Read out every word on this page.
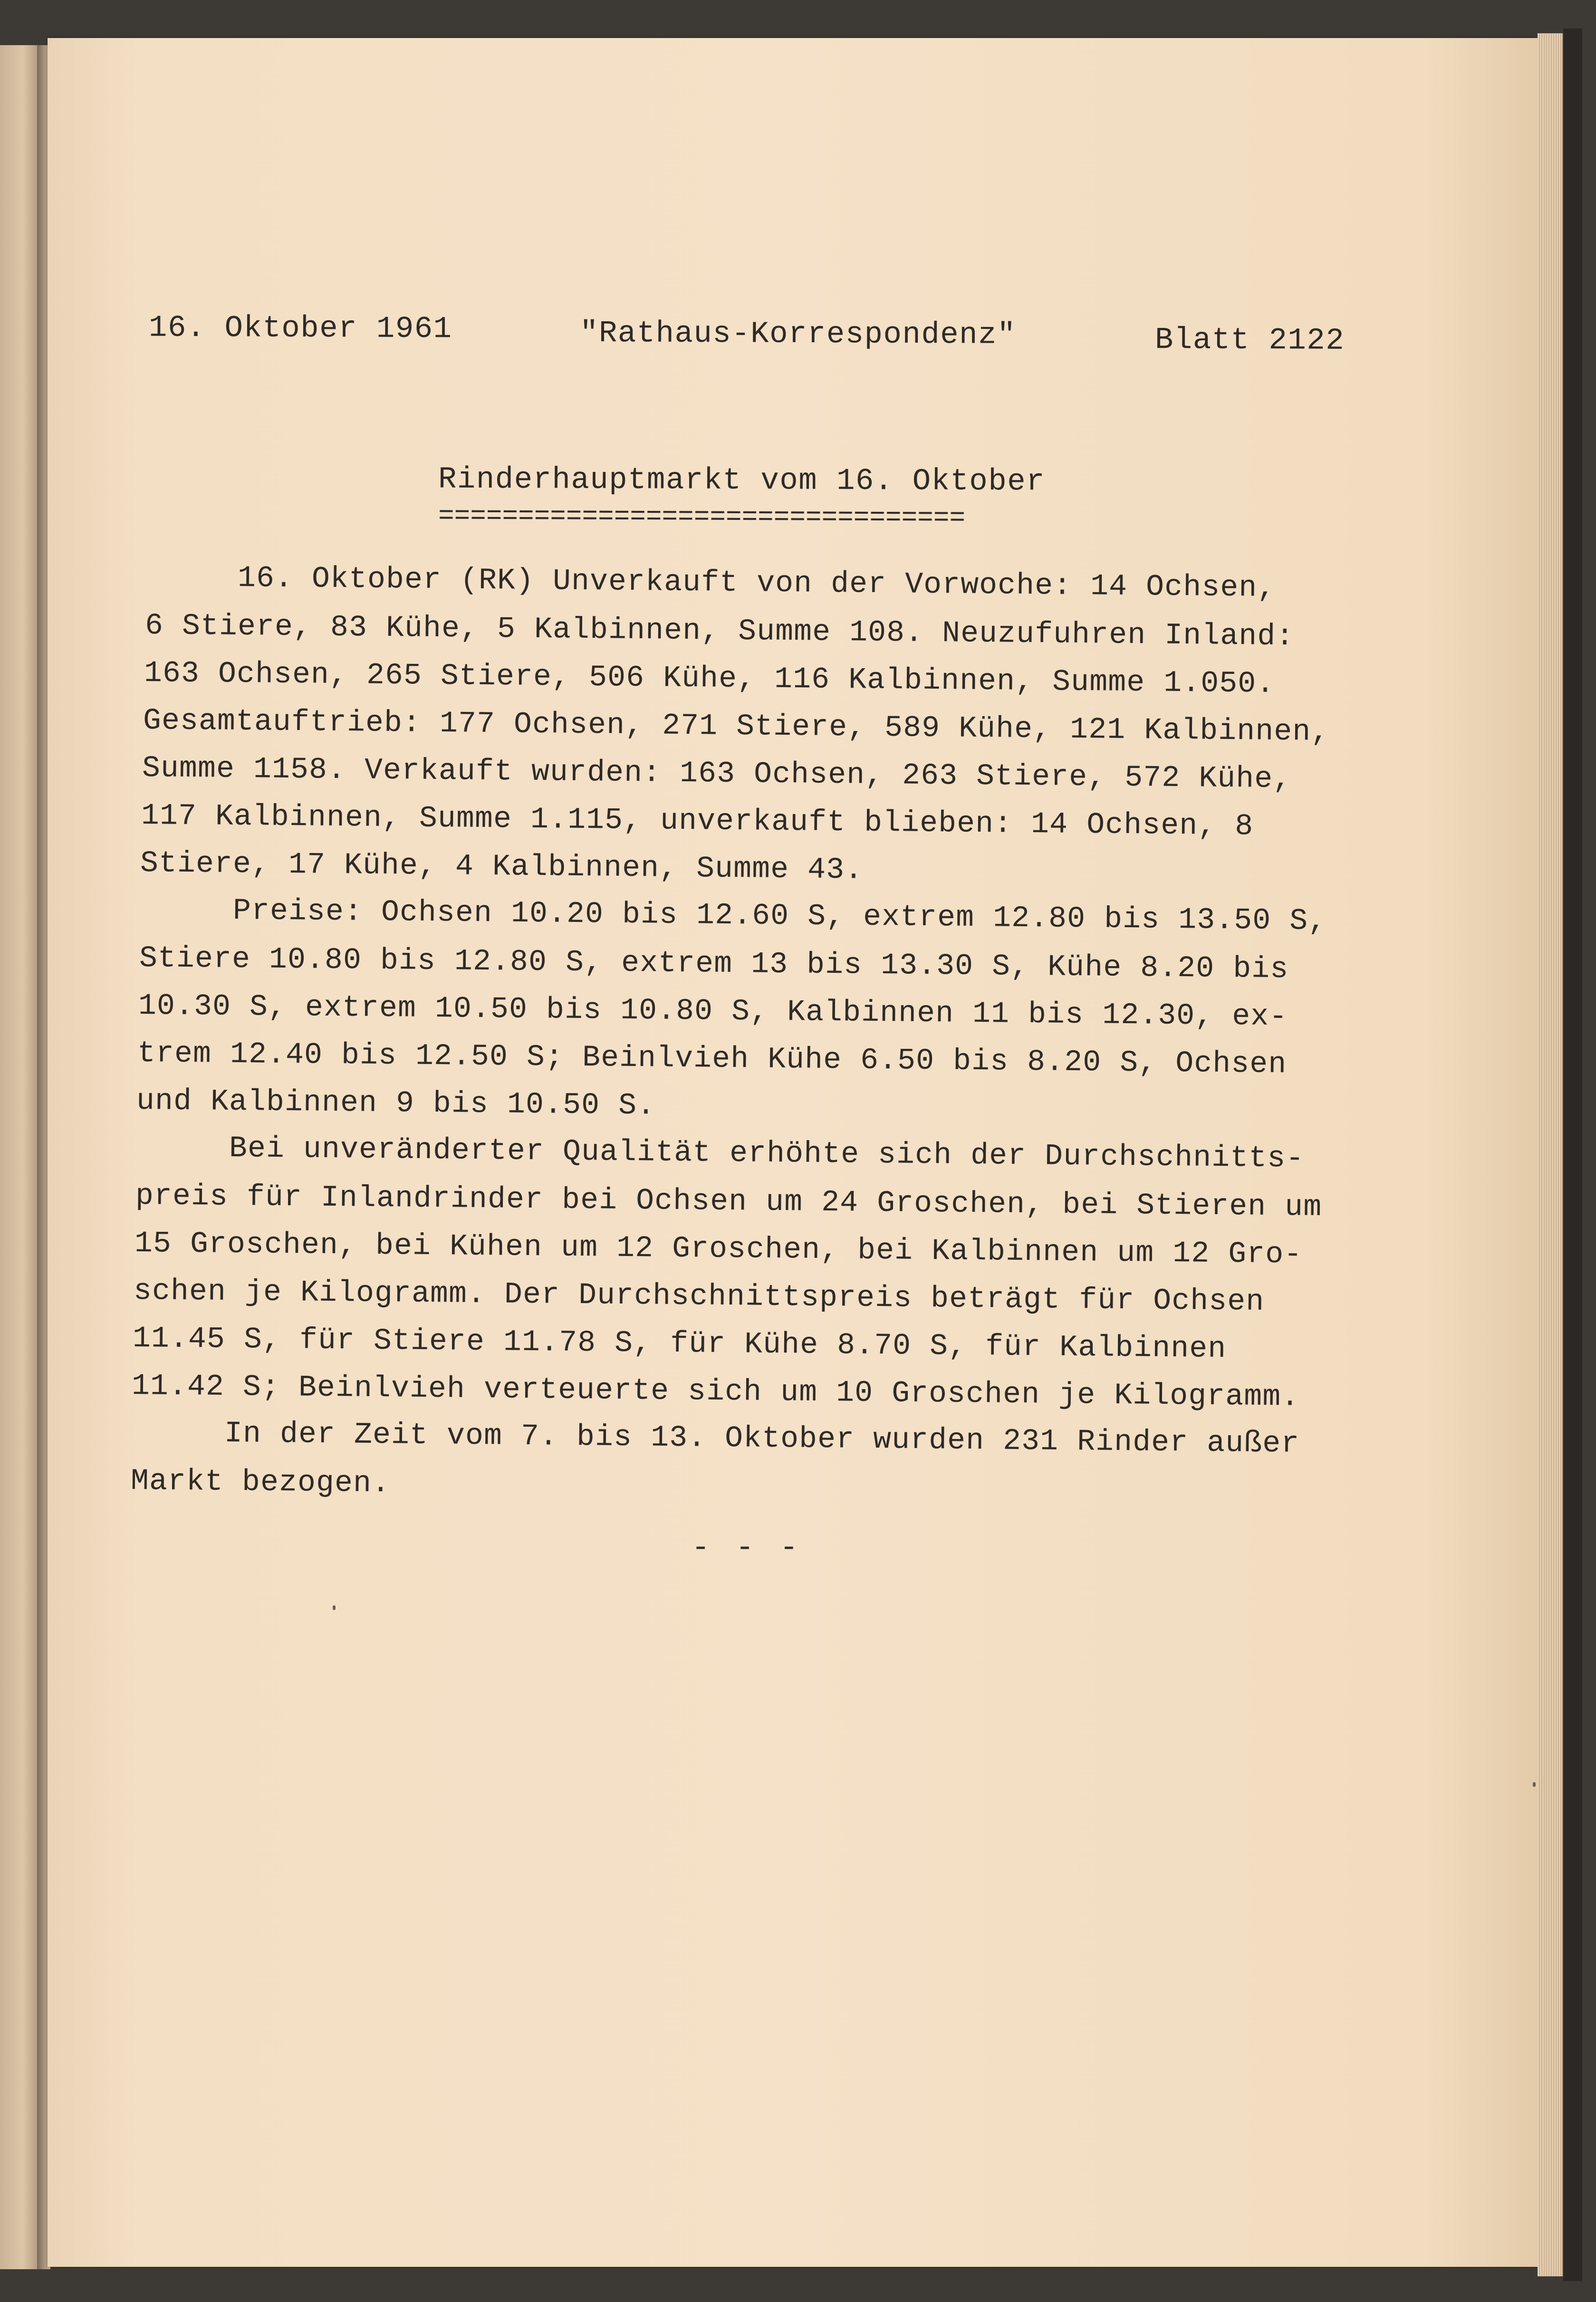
16. Oktober 1961	"Rathaus-Korrespondenz"	Blatt 2122
Rinderhauptmarkt vom 16. Oktober
=================================
16. Oktober (RK) Unverkauft von der Vorwoche: 14 Ochsen,
6 Stiere, 83 Kühe, 5 Kalbinnen, Summe 108. Neuzufuhren Inland:
163 Ochsen, 265 Stiere, 506 Kühe, 116 Kalbinnen, Summe 1.050.
Gesamtauftrieb: 177 Ochsen, 271 Stiere, 589 Kühe, 121 Kalbinnen,
Summe 1158. Verkauft wurden: 163 Ochsen, 263 Stiere, 572 Kühe,
117 Kalbinnen, Summe 1.115, unverkauft blieben: 14 Ochsen, 8
Stiere, 17 Kühe, 4 Kalbinnen, Summe 43.
Preise: Ochsen 10.20 bis 12.60 S, extrem 12.80 bis 13.50 S,
Stiere 10.80 bis 12.80 S, extrem 13 bis 13.30 S, Kühe 8.20 bis
10.30 S, extrem 10.50 bis 10.80 S, Kalbinnen 11 bis 12.30, ex-
trem 12.40 bis 12.50 S; Beinlvieh Kühe 6.50 bis 8.20 S, Ochsen
und Kalbinnen 9 bis 10.50 S.
Bei unveränderter Qualität erhöhte sich der Durchschnitts-
preis für Inlandrinder bei Ochsen um 24 Groschen, bei Stieren um
15 Groschen, bei Kühen um 12 Groschen, bei Kalbinnen um 12 Gro-
schen je Kilogramm. Der Durchschnittspreis beträgt für Ochsen
11.45 S, für Stiere 11.78 S, für Kühe 8.70 S, für Kalbinnen
11.42 S; Beinlvieh verteuerte sich um 10 Groschen je Kilogramm.
In der Zeit vom 7. bis 13. Oktober wurden 231 Rinder außer
Markt bezogen.
- - -
